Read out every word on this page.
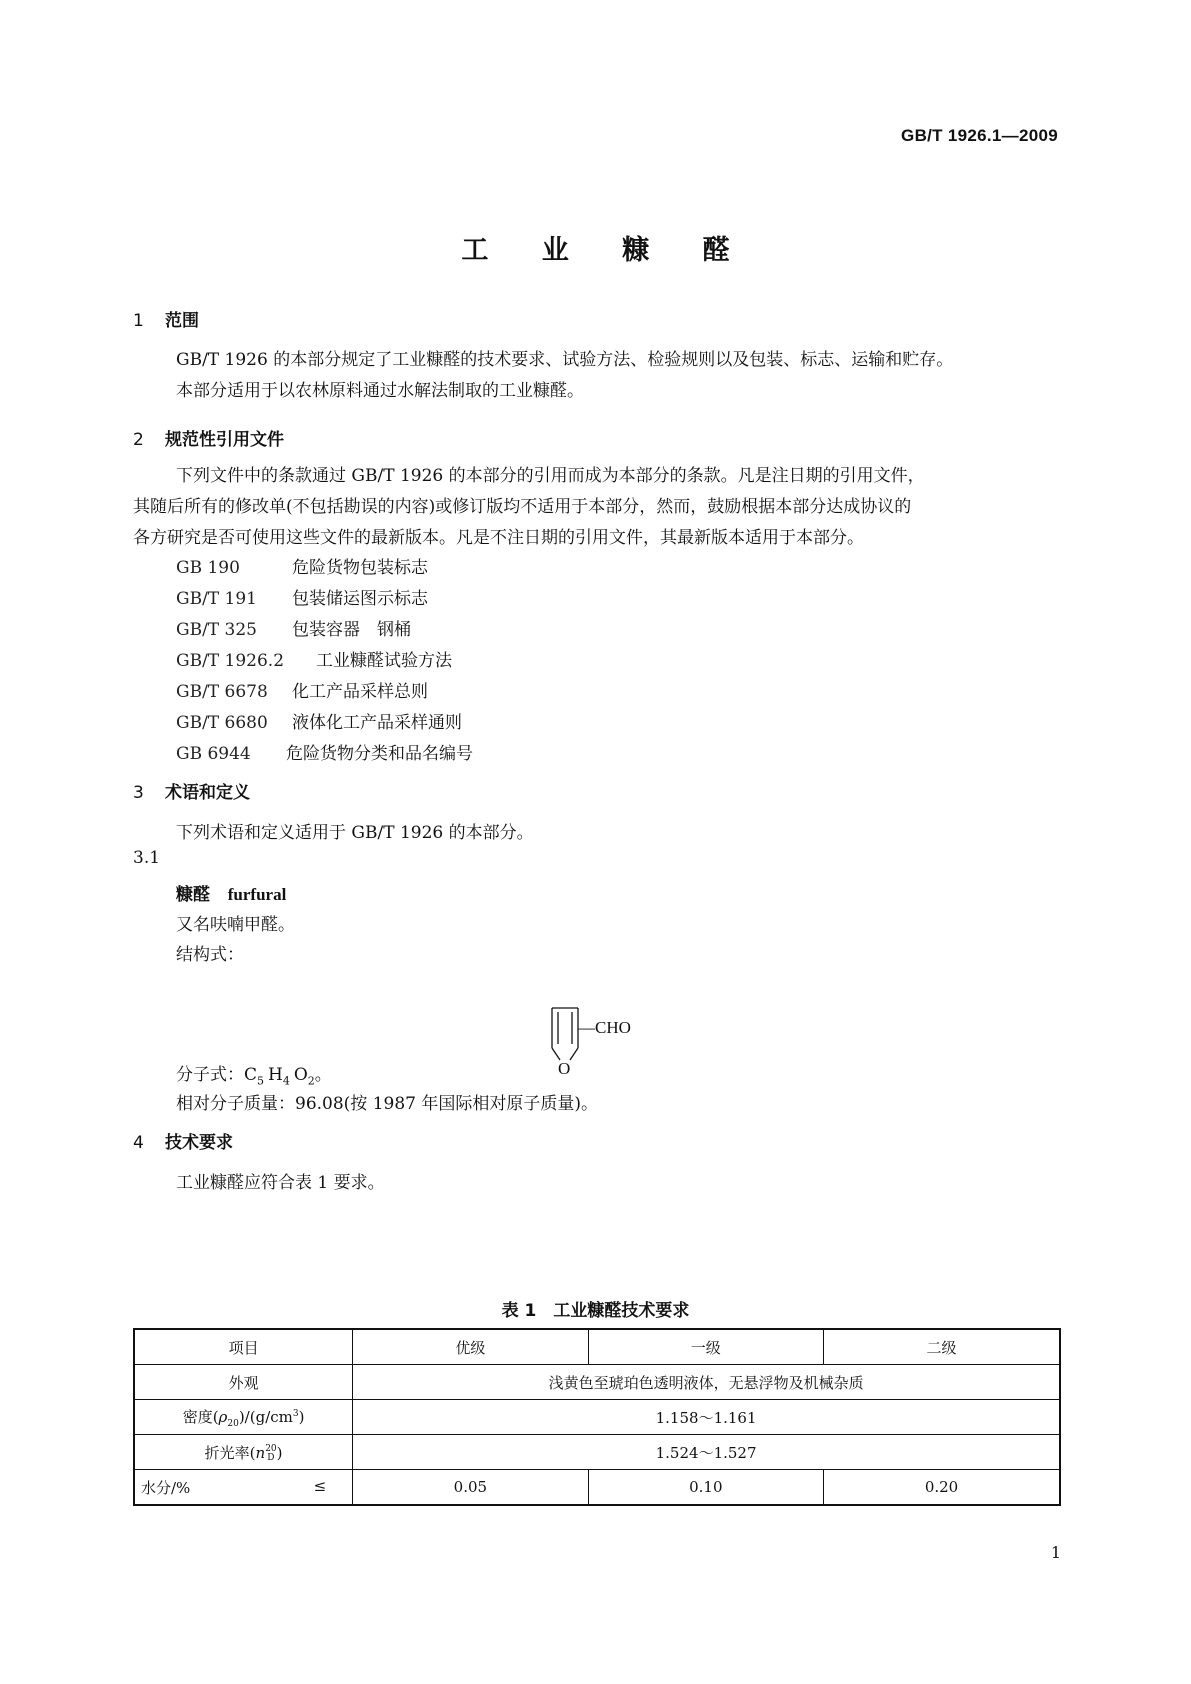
GB/T 1926.1—2009
工 业 糠 醛
1 范围
GB/T 1926 的本部分规定了工业糠醛的技术要求、试验方法、检验规则以及包装、标志、运输和贮存。
本部分适用于以农林原料通过水解法制取的工业糠醛。
2 规范性引用文件
下列文件中的条款通过 GB/T 1926 的本部分的引用而成为本部分的条款。凡是注日期的引用文件，
其随后所有的修改单(不包括勘误的内容)或修订版均不适用于本部分，然而，鼓励根据本部分达成协议的
各方研究是否可使用这些文件的最新版本。凡是不注日期的引用文件，其最新版本适用于本部分。
GB 190	危险货物包装标志
GB/T 191 包装储运图示标志
GB/T 325 包装容器　钢桶
GB/T 1926.2 工业糠醛试验方法
GB/T 6678 化工产品采样总则
GB/T 6680 液体化工产品采样通则
GB 6944 危险货物分类和品名编号
3 术语和定义
下列术语和定义适用于 GB/T 1926 的本部分。
3.1
糠醛 furfural
又名呋喃甲醛。
结构式：
—CHO
O
分子式：$C_5$ $H_4$ $O_2$。
相对分子质量：96.08(按 1987 年国际相对原子质量)。
4 技术要求
工业糠醛应符合表 1 要求。
表 1　工业糠醛技术要求
项目	优级	一级	二级
外观	浅黄色至琥珀色透明液体，无悬浮物及机械杂质		
密度$(\rho_{20})/(g/cm^3)$	1.158～1.161		
折光率(n 20
D )	1.524～1.527		
水分/% ≤	0.05	0.10	0.20
1
